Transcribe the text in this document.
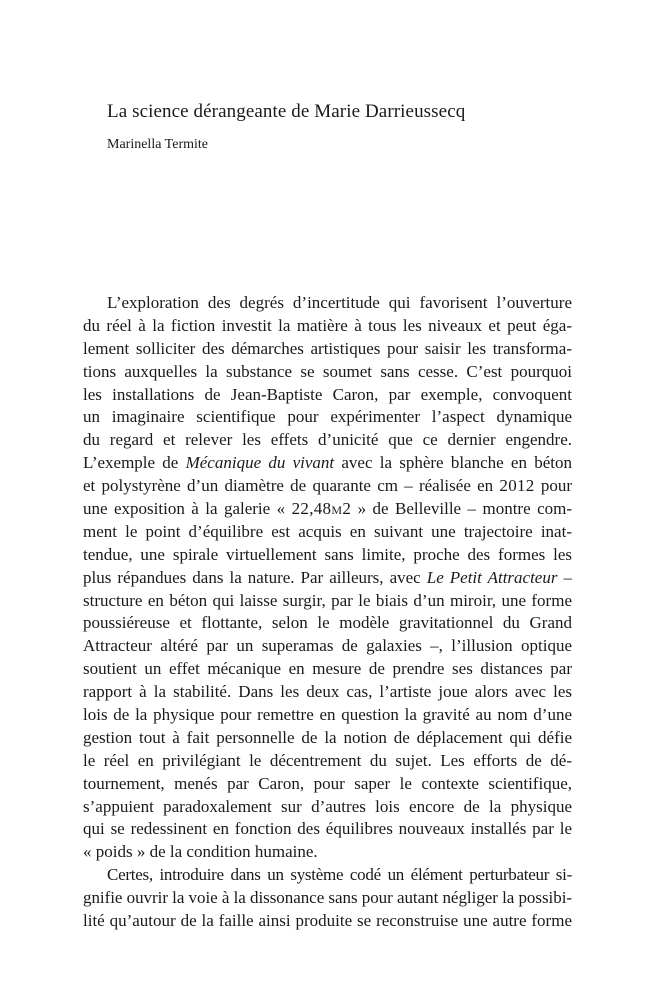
La science dérangeante de Marie Darrieussecq
Marinella Termite
L’exploration des degrés d’incertitude qui favorisent l’ouverture
du réel à la fiction investit la matière à tous les niveaux et peut éga-
lement solliciter des démarches artistiques pour saisir les transforma-
tions auxquelles la substance se soumet sans cesse. C’est pourquoi
les installations de Jean-Baptiste Caron, par exemple, convoquent
un imaginaire scientifique pour expérimenter l’aspect dynamique
du regard et relever les effets d’unicité que ce dernier engendre.
L’exemple de Mécanique du vivant avec la sphère blanche en béton
et polystyrène d’un diamètre de quarante cm – réalisée en 2012 pour
une exposition à la galerie « 22,48m2 » de Belleville – montre com-
ment le point d’équilibre est acquis en suivant une trajectoire inat-
tendue, une spirale virtuellement sans limite, proche des formes les
plus répandues dans la nature. Par ailleurs, avec Le Petit Attracteur –
structure en béton qui laisse surgir, par le biais d’un miroir, une forme
poussiéreuse et flottante, selon le modèle gravitationnel du Grand
Attracteur altéré par un superamas de galaxies –, l’illusion optique
soutient un effet mécanique en mesure de prendre ses distances par
rapport à la stabilité. Dans les deux cas, l’artiste joue alors avec les
lois de la physique pour remettre en question la gravité au nom d’une
gestion tout à fait personnelle de la notion de déplacement qui défie
le réel en privilégiant le décentrement du sujet. Les efforts de dé-
tournement, menés par Caron, pour saper le contexte scientifique,
s’appuient paradoxalement sur d’autres lois encore de la physique
qui se redessinent en fonction des équilibres nouveaux installés par le
« poids » de la condition humaine.
Certes, introduire dans un système codé un élément perturbateur si-
gnifie ouvrir la voie à la dissonance sans pour autant négliger la possibi-
lité qu’autour de la faille ainsi produite se reconstruise une autre forme
